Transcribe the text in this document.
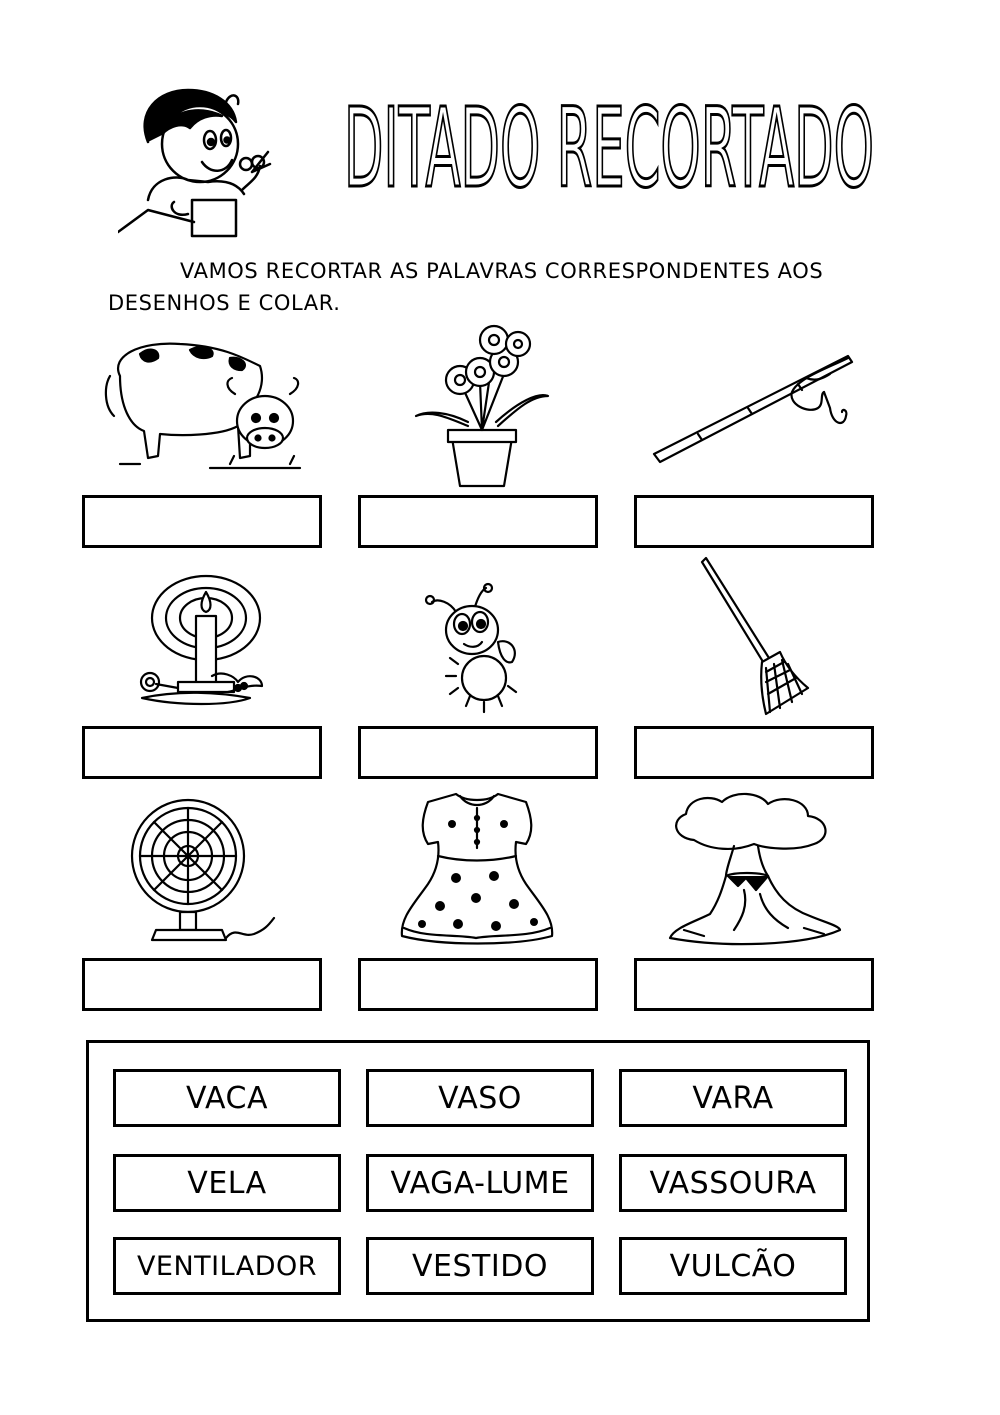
DITADO RECORTADO
VAMOS RECORTAR AS PALAVRAS CORRESPONDENTES AOS
DESENHOS E COLAR.
VACA	VASO	VARA
VELA	VAGA-LUME	VASSOURA
VENTILADOR	VESTIDO	VULCÃO
